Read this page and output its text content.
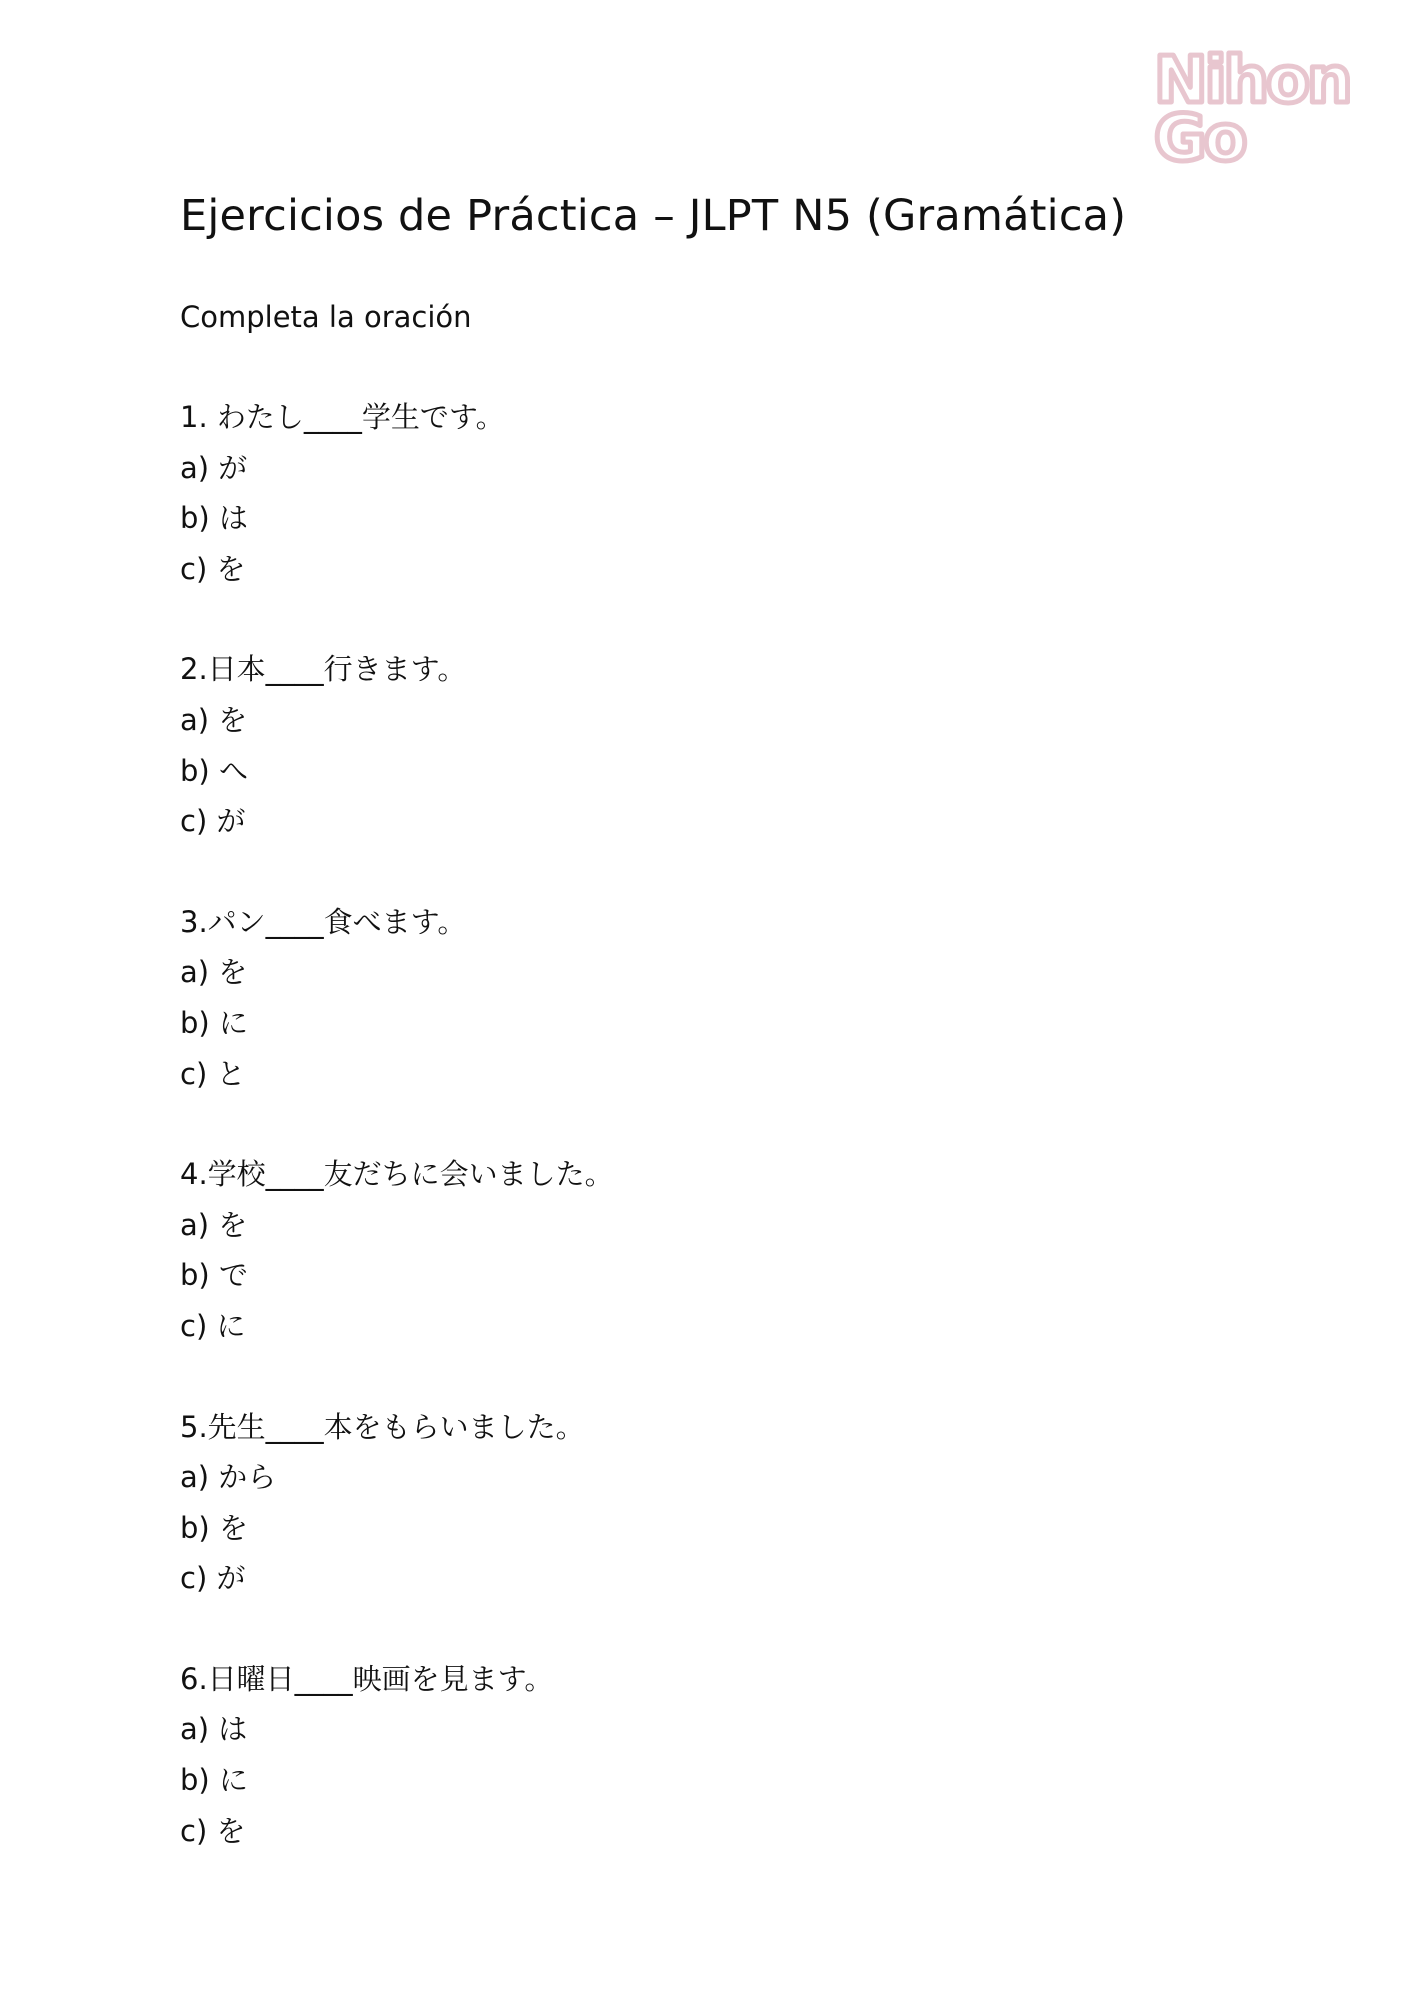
Nihon
Go
Ejercicios de Práctica – JLPT N5 (Gramática)
Completa la oración
1. わたし____学生です。
a) が
b) は
c) を
2.日本____行きます。
a) を
b) へ
c) が
3.パン____食べます。
a) を
b) に
c) と
4.学校____友だちに会いました。
a) を
b) で
c) に
5.先生____本をもらいました。
a) から
b) を
c) が
6.日曜日____映画を見ます。
a) は
b) に
c) を
